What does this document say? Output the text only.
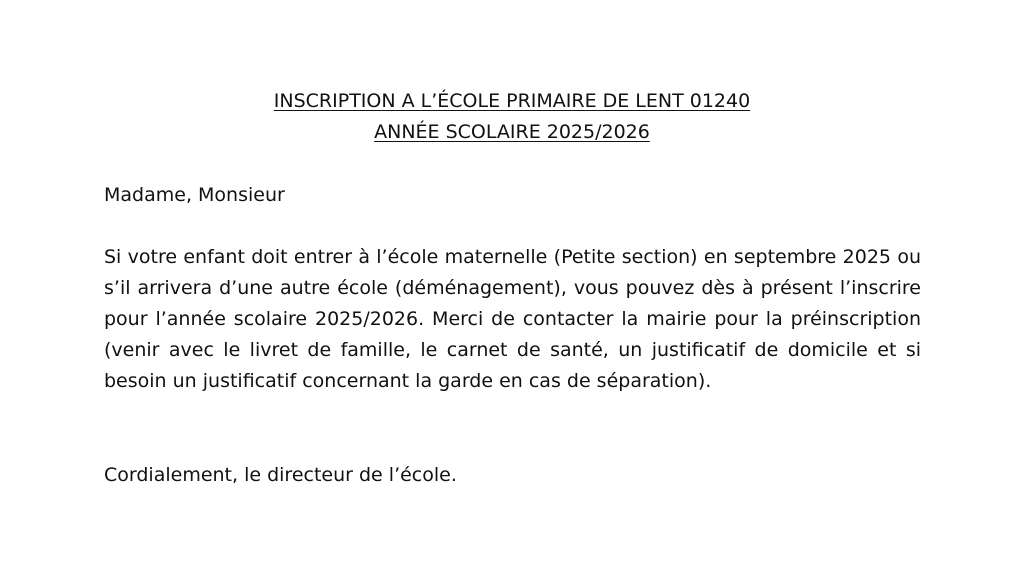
INSCRIPTION A L’ÉCOLE PRIMAIRE DE LENT 01240
ANNÉE SCOLAIRE 2025/2026
Madame, Monsieur
Si votre enfant doit entrer à l’école maternelle (Petite section) en septembre 2025 ou s’il arrivera d’une autre école (déménagement), vous pouvez dès à présent l’inscrire pour l’année scolaire 2025/2026. Merci de contacter la mairie pour la préinscription (venir avec le livret de famille, le carnet de santé, un justificatif de domicile et si besoin un justificatif concernant la garde en cas de séparation).
Cordialement, le directeur de l’école.
